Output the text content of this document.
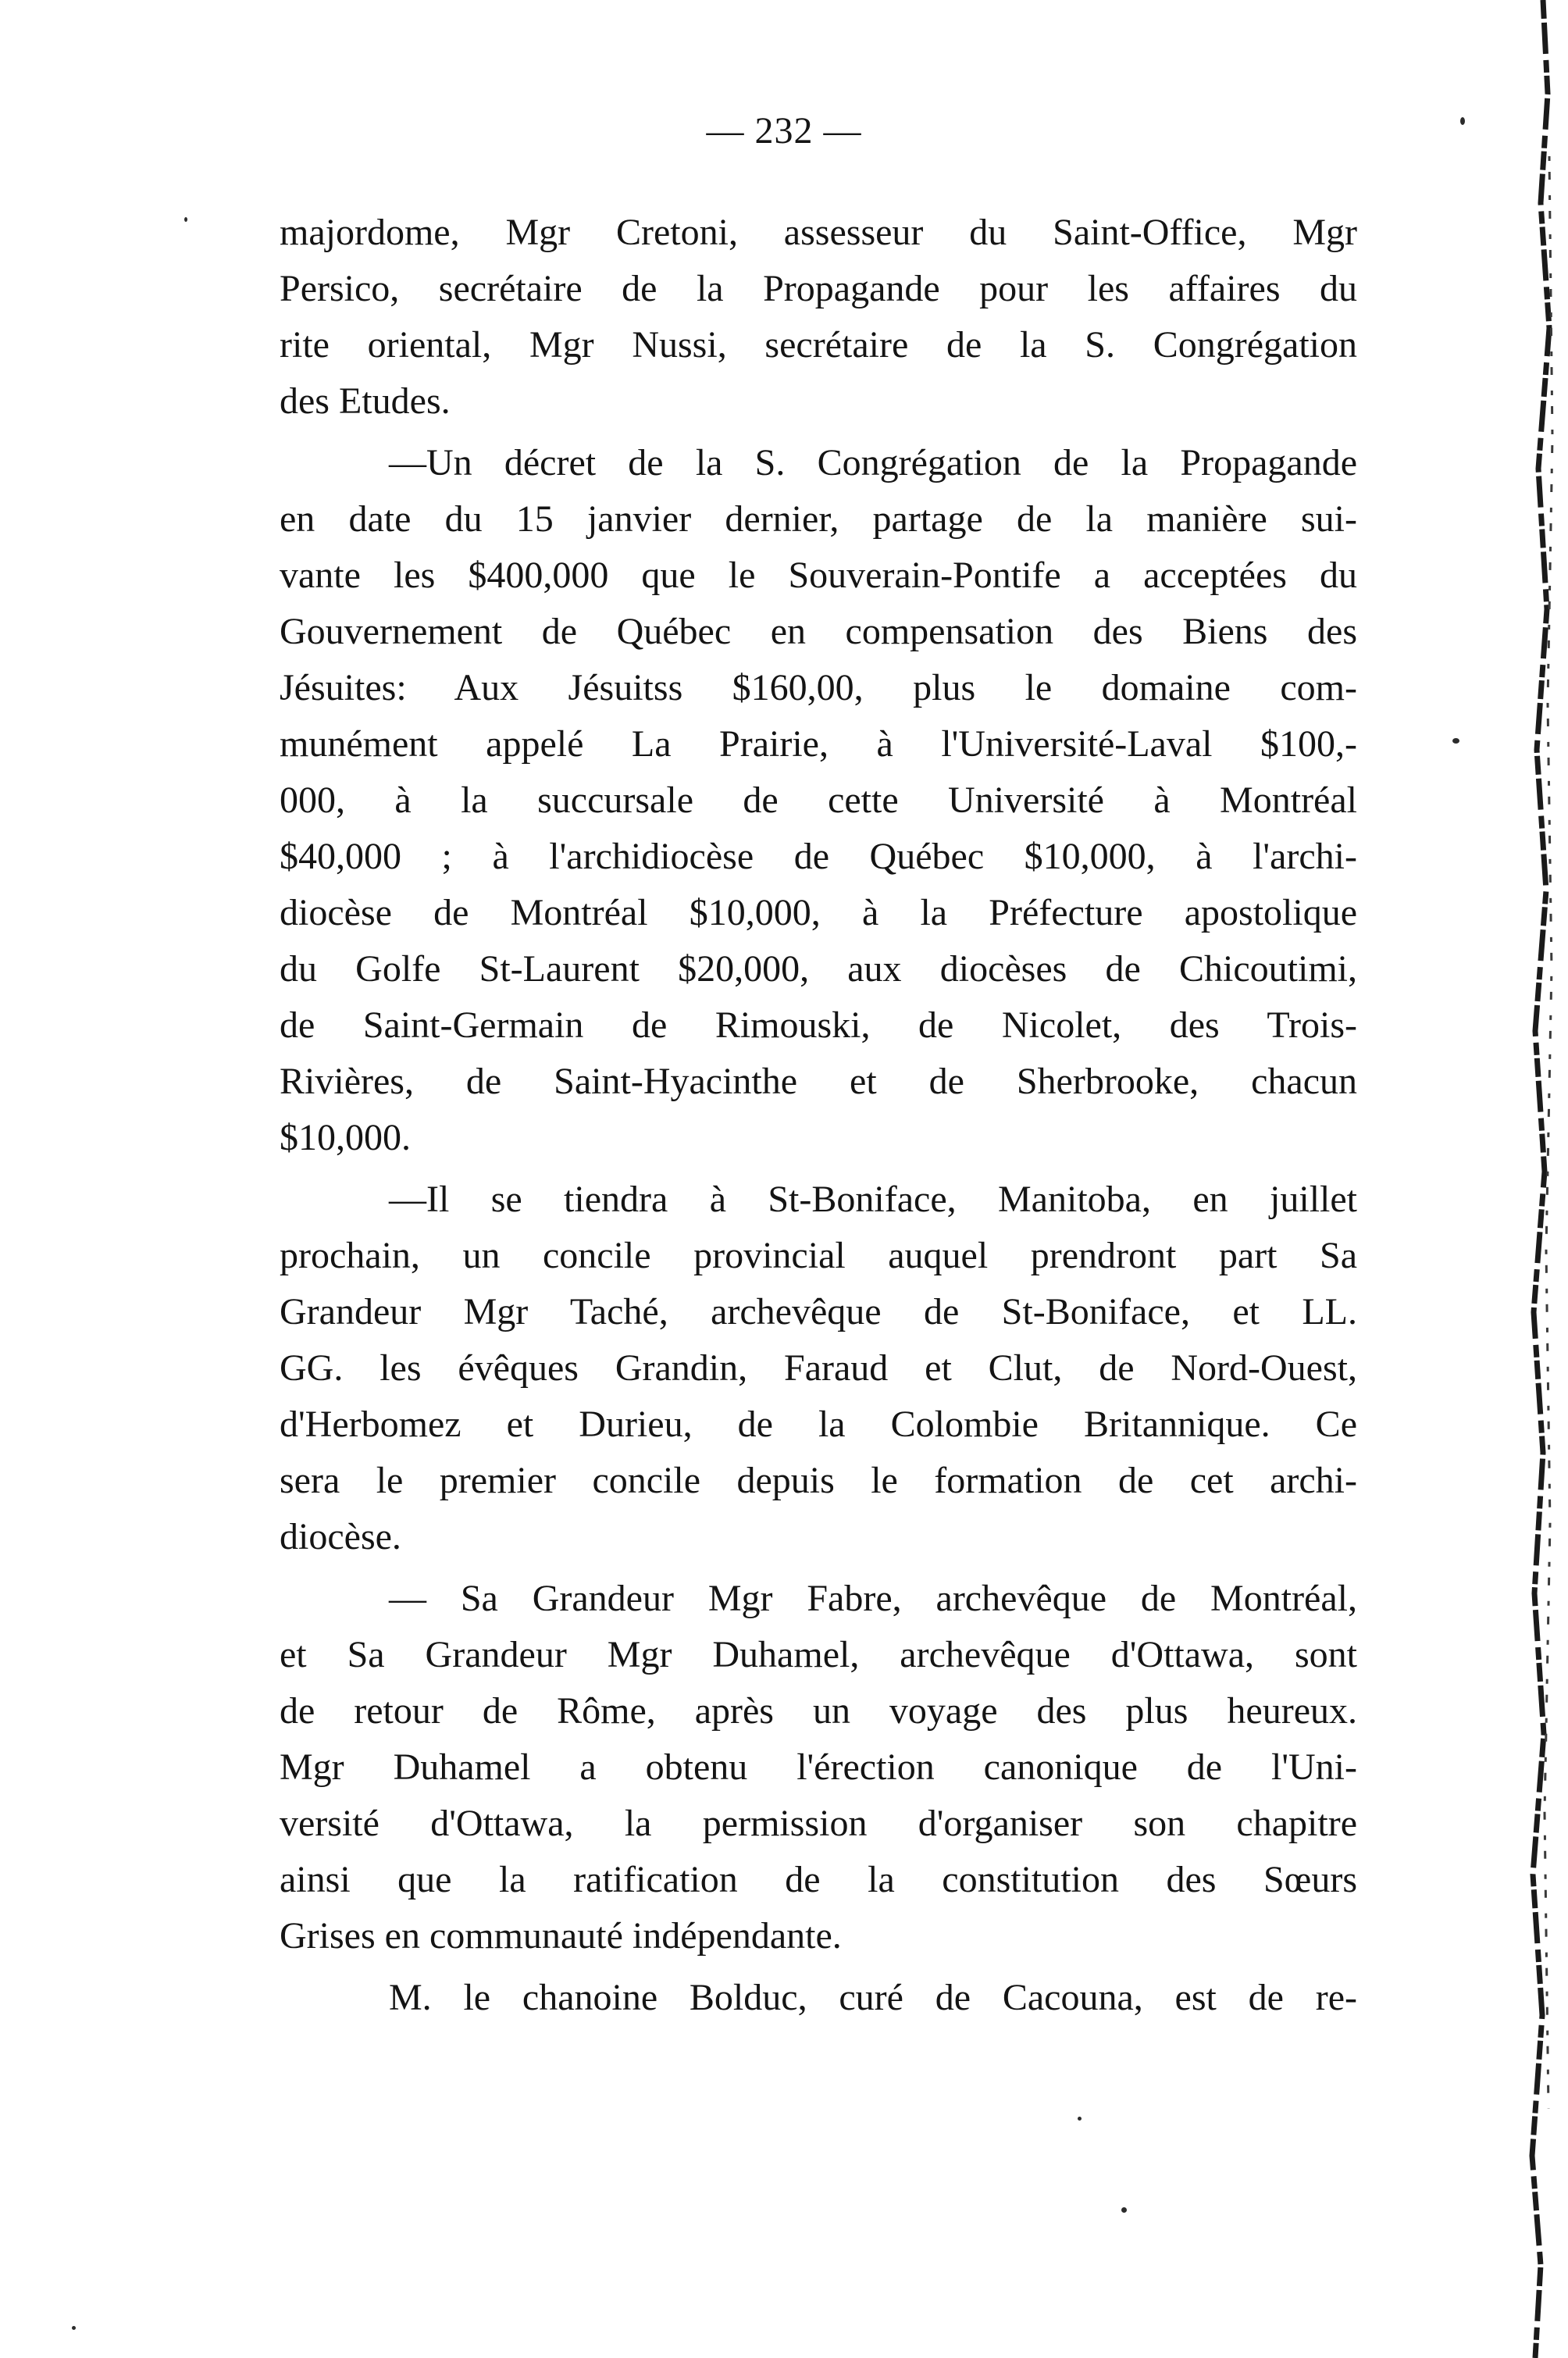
— 232 —
majordome, Mgr Cretoni, assesseur du Saint-Office, Mgr
Persico, secrétaire de la Propagande pour les affaires du
rite oriental, Mgr Nussi, secrétaire de la S. Congrégation
des Etudes.
—Un décret de la S. Congrégation de la Propagande
en date du 15 janvier dernier, partage de la manière sui-
vante les $400,000 que le Souverain-Pontife a acceptées du
Gouvernement de Québec en compensation des Biens des
Jésuites: Aux Jésuitss $160,00, plus le domaine com-
munément appelé La Prairie, à l'Université-Laval $100,-
000, à la succursale de cette Université à Montréal
$40,000 ; à l'archidiocèse de Québec $10,000, à l'archi-
diocèse de Montréal $10,000, à la Préfecture apostolique
du Golfe St-Laurent $20,000, aux diocèses de Chicoutimi,
de Saint-Germain de Rimouski, de Nicolet, des Trois-
Rivières, de Saint-Hyacinthe et de Sherbrooke, chacun
$10,000.
—Il se tiendra à St-Boniface, Manitoba, en juillet
prochain, un concile provincial auquel prendront part Sa
Grandeur Mgr Taché, archevêque de St-Boniface, et LL.
GG. les évêques Grandin, Faraud et Clut, de Nord-Ouest,
d'Herbomez et Durieu, de la Colombie Britannique. Ce
sera le premier concile depuis le formation de cet archi-
diocèse.
— Sa Grandeur Mgr Fabre, archevêque de Montréal,
et Sa Grandeur Mgr Duhamel, archevêque d'Ottawa, sont
de retour de Rôme, après un voyage des plus heureux.
Mgr Duhamel a obtenu l'érection canonique de l'Uni-
versité d'Ottawa, la permission d'organiser son chapitre
ainsi que la ratification de la constitution des Sœurs
Grises en communauté indépendante.
M. le chanoine Bolduc, curé de Cacouna, est de re-
